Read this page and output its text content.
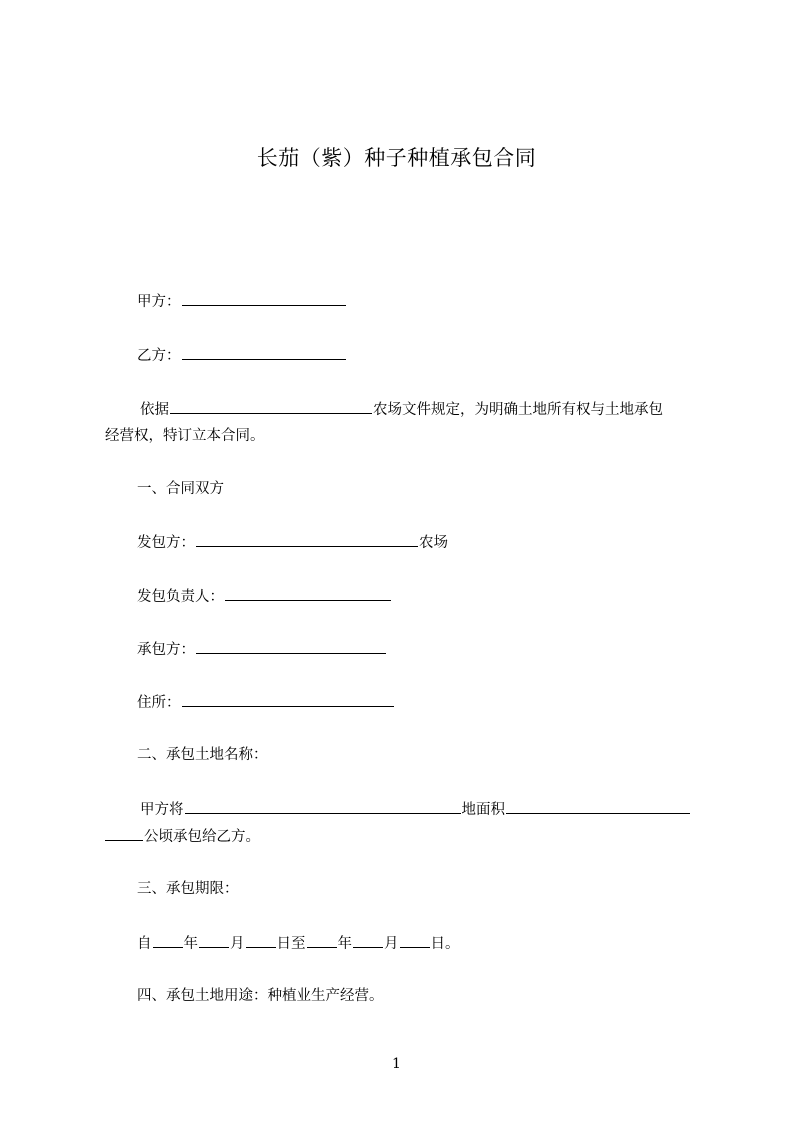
长茄（紫）种子种植承包合同
甲方：
乙方：
依据	农场文件规定，为明确土地所有权与土地承包
经营权，特订立本合同。
一、合同双方
发包方：	农场
发包负责人：
承包方：
住所：
二、承包土地名称：
甲方将	地面积
公顷承包给乙方。
三、承包期限：
自 年 月 日至 年 月 日。
四、承包土地用途：种植业生产经营。
1
